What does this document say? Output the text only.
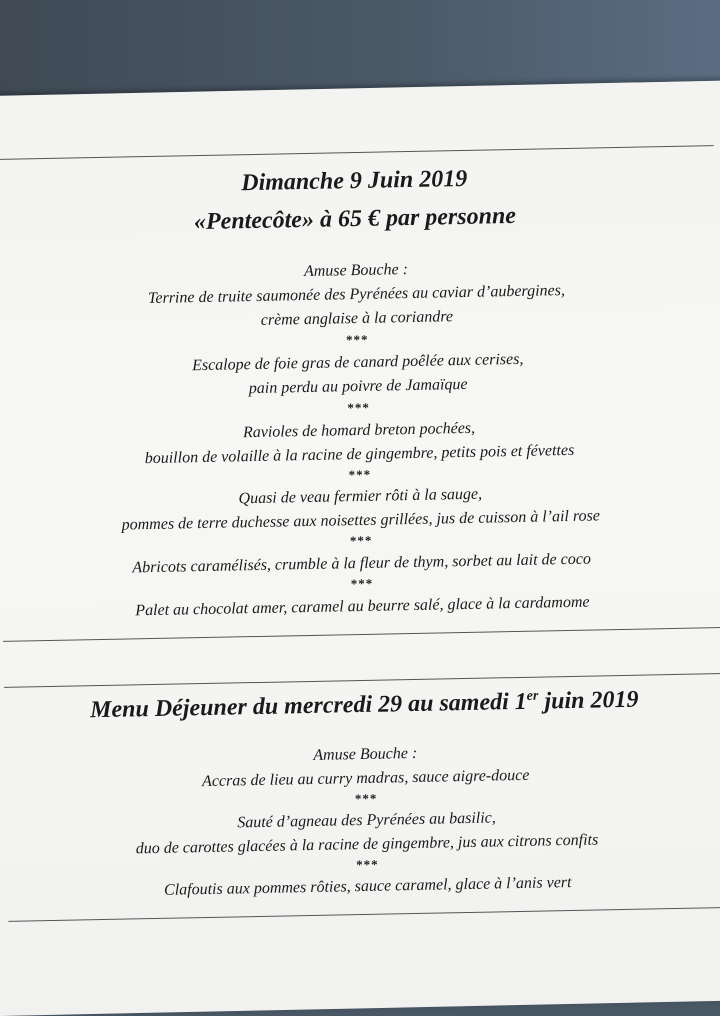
Dimanche 9 Juin 2019
«Pentecôte» à 65 € par personne
Amuse Bouche :
Terrine de truite saumonée des Pyrénées au caviar d’aubergines,
crème anglaise à la coriandre
***
Escalope de foie gras de canard poêlée aux cerises,
pain perdu au poivre de Jamaïque
***
Ravioles de homard breton pochées,
bouillon de volaille à la racine de gingembre, petits pois et févettes
***
Quasi de veau fermier rôti à la sauge,
pommes de terre duchesse aux noisettes grillées, jus de cuisson à l’ail rose
***
Abricots caramélisés, crumble à la fleur de thym, sorbet au lait de coco
***
Palet au chocolat amer, caramel au beurre salé, glace à la cardamome
Menu Déjeuner du mercredi 29 au samedi 1er juin 2019
Amuse Bouche :
Accras de lieu au curry madras, sauce aigre-douce
***
Sauté d’agneau des Pyrénées au basilic,
duo de carottes glacées à la racine de gingembre, jus aux citrons confits
***
Clafoutis aux pommes rôties, sauce caramel, glace à l’anis vert
